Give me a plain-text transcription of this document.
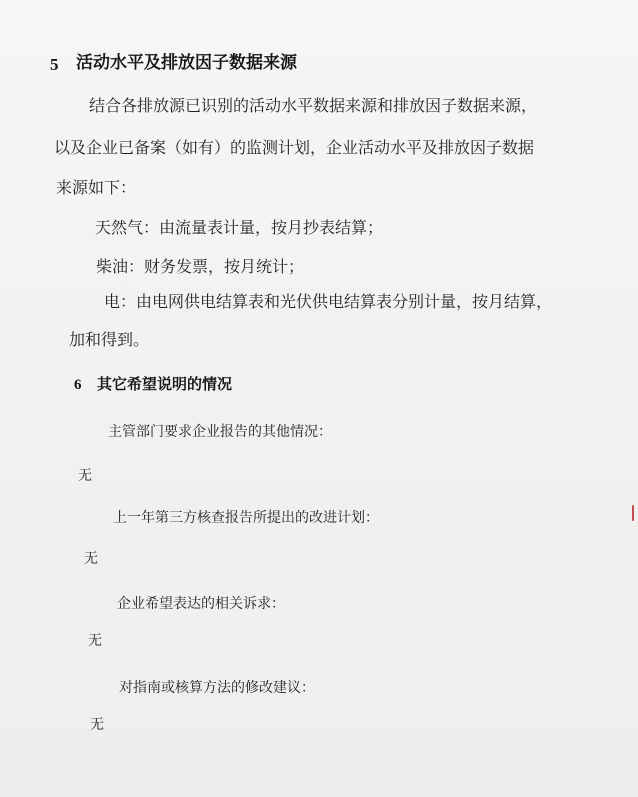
5 活动水平及排放因子数据来源
结合各排放源已识别的活动水平数据来源和排放因子数据来源，
以及企业已备案（如有）的监测计划，企业活动水平及排放因子数据
来源如下：
天然气：由流量表计量，按月抄表结算；
柴油：财务发票，按月统计；
电：由电网供电结算表和光伏供电结算表分别计量，按月结算，
加和得到。
6 其它希望说明的情况
主管部门要求企业报告的其他情况：
无
上一年第三方核查报告所提出的改进计划：
无
企业希望表达的相关诉求：
无
对指南或核算方法的修改建议：
无
